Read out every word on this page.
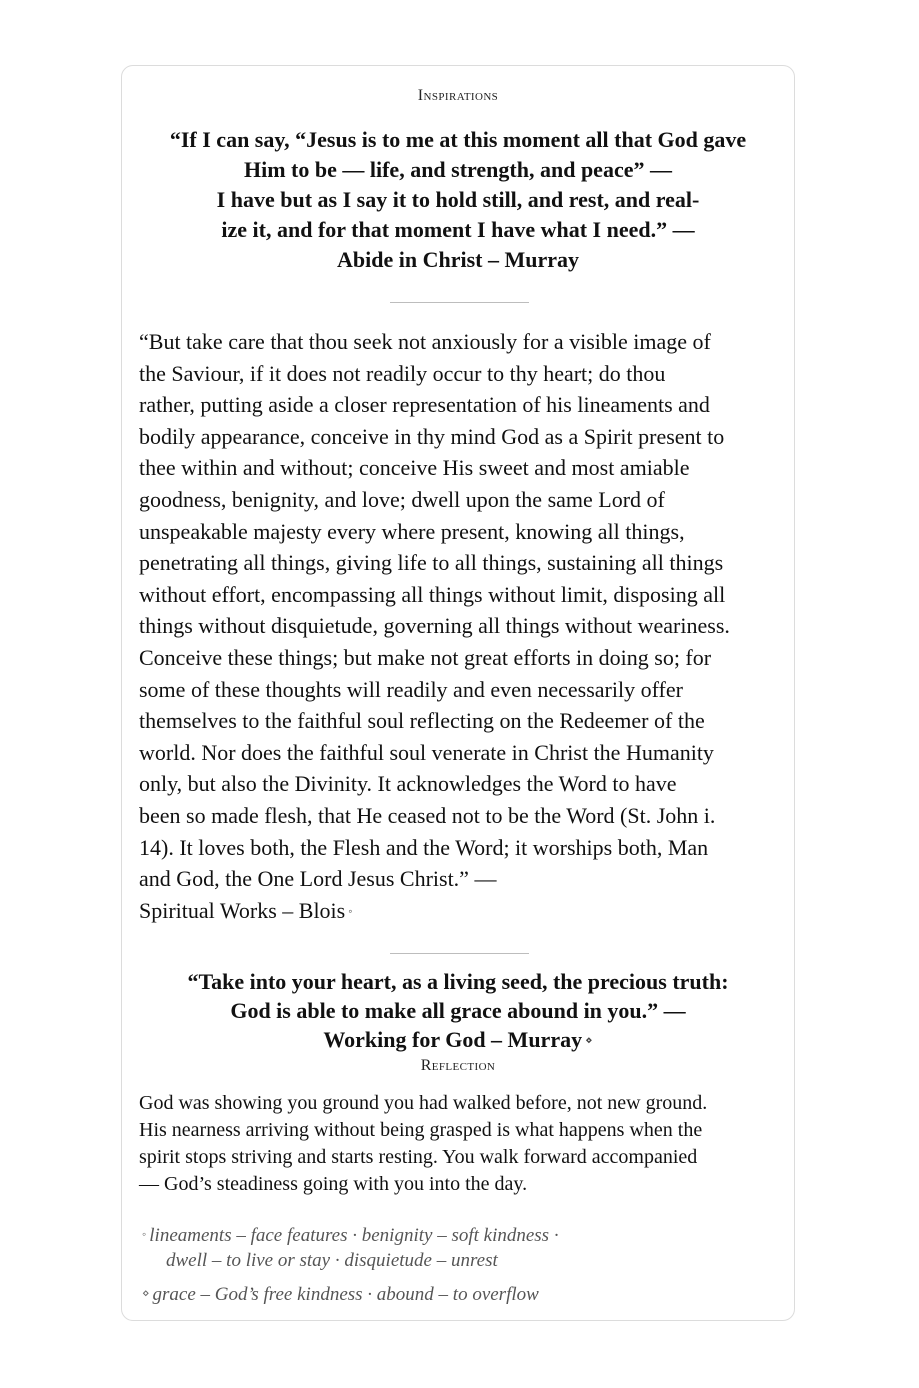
Inspirations
“If I can say, “Jesus is to me at this moment all that God gave
Him to be — life, and strength, and peace” —
I have but as I say it to hold still, and rest, and real-
ize it, and for that moment I have what I need.” —
Abide in Christ – Murray
“But take care that thou seek not anxiously for a visible image of
the Saviour, if it does not readily occur to thy heart; do thou
rather, putting aside a closer representation of his lineaments and
bodily appearance, conceive in thy mind God as a Spirit present to
thee within and without; conceive His sweet and most amiable
goodness, benignity, and love; dwell upon the same Lord of
unspeakable majesty every where present, knowing all things,
penetrating all things, giving life to all things, sustaining all things
without effort, encompassing all things without limit, disposing all
things without disquietude, governing all things without weariness.
Conceive these things; but make not great efforts in doing so; for
some of these thoughts will readily and even necessarily offer
themselves to the faithful soul reflecting on the Redeemer of the
world. Nor does the faithful soul venerate in Christ the Humanity
only, but also the Divinity. It acknowledges the Word to have
been so made flesh, that He ceased not to be the Word (St. John i.
14). It loves both, the Flesh and the Word; it worships both, Man
and God, the One Lord Jesus Christ.” —
Spiritual Works – Blois ◦
“Take into your heart, as a living seed, the precious truth:
God is able to make all grace abound in you.” —
Working for God – Murray ⋄
Reflection
God was showing you ground you had walked before, not new ground.
His nearness arriving without being grasped is what happens when the
spirit stops striving and starts resting. You walk forward accompanied
— God’s steadiness going with you into the day.
◦ lineaments – face features · benignity – soft kindness ·
dwell – to live or stay · disquietude – unrest
⋄ grace – God’s free kindness · abound – to overflow
